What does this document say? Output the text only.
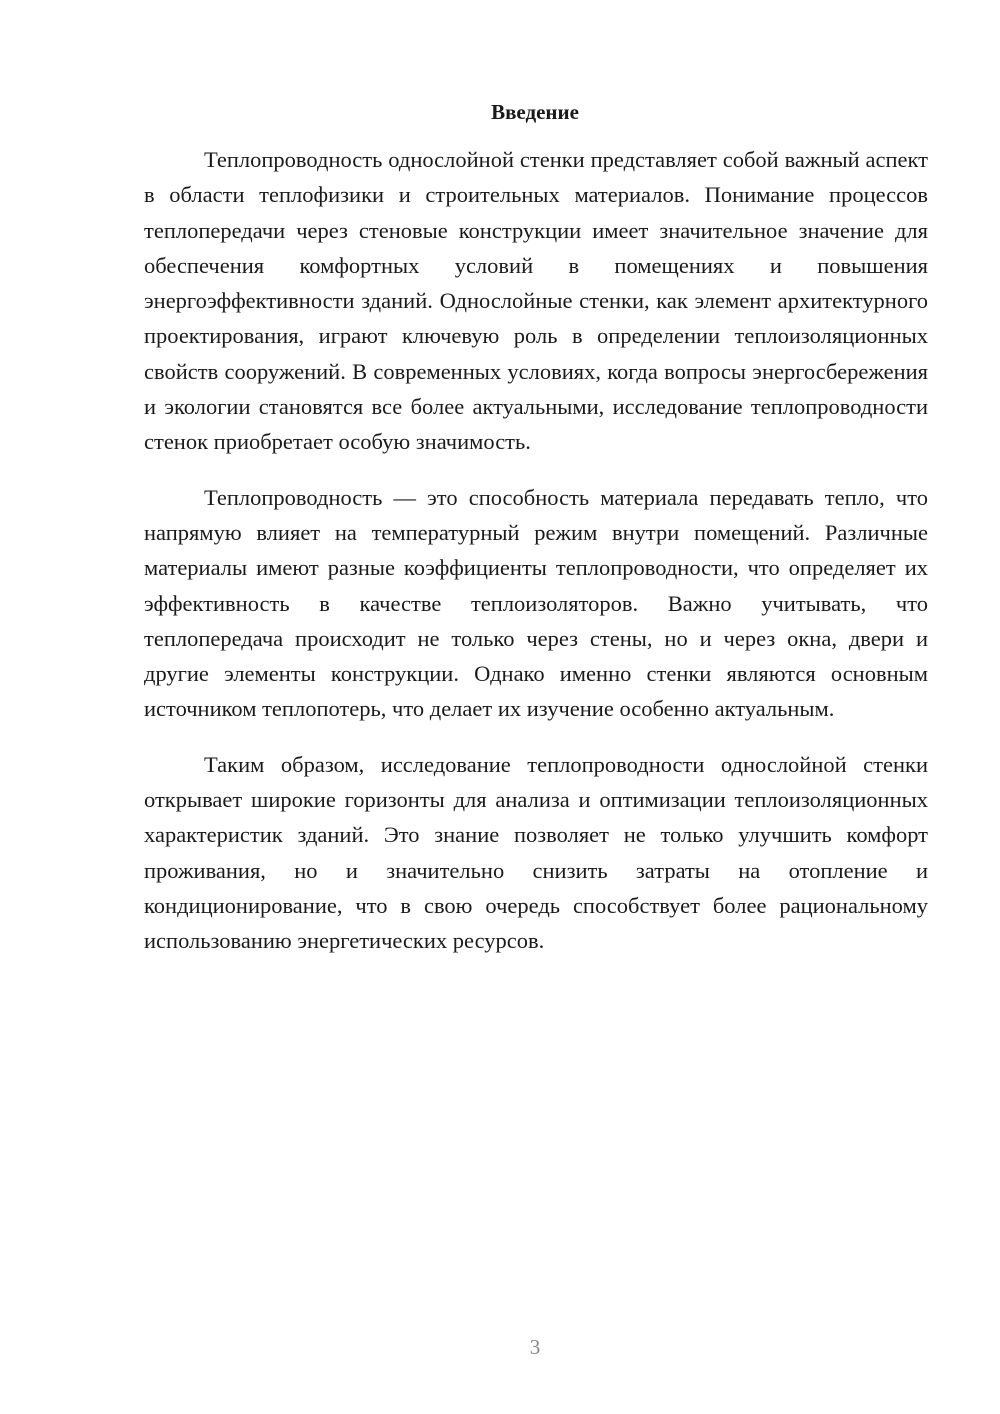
Введение

Теплопроводность однослойной стенки представляет собой важный аспект в области теплофизики и строительных материалов. Понимание процессов теплопередачи через стеновые конструкции имеет значительное значение для обеспечения комфортных условий в помещениях и повышения энергоэффективности зданий. Однослойные стенки, как элемент архитектурного проектирования, играют ключевую роль в определении теплоизоляционных свойств сооружений. В современных условиях, когда вопросы энергосбережения и экологии становятся все более актуальными, исследование теплопроводности стенок приобретает особую значимость.

Теплопроводность — это способность материала передавать тепло, что напрямую влияет на температурный режим внутри помещений. Различные материалы имеют разные коэффициенты теплопроводности, что определяет их эффективность в качестве теплоизоляторов. Важно учитывать, что теплопередача происходит не только через стены, но и через окна, двери и другие элементы конструкции. Однако именно стенки являются основным источником теплопотерь, что делает их изучение особенно актуальным.

Таким образом, исследование теплопроводности однослойной стенки открывает широкие горизонты для анализа и оптимизации теплоизоляционных характеристик зданий. Это знание позволяет не только улучшить комфорт проживания, но и значительно снизить затраты на отопление и кондиционирование, что в свою очередь способствует более рациональному использованию энергетических ресурсов.

3
